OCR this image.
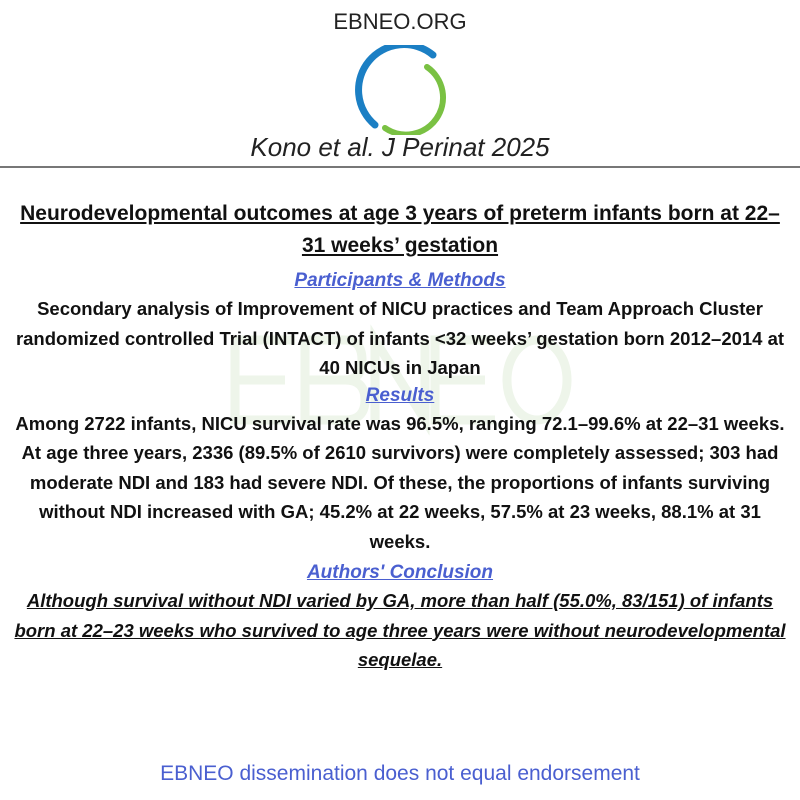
EBNEO.ORG
Kono et al. J Perinat 2025
Neurodevelopmental outcomes at age 3 years of preterm infants born at 22–31 weeks’ gestation
Participants & Methods
Secondary analysis of Improvement of NICU practices and Team Approach Cluster randomized controlled Trial (INTACT) of infants <32 weeks’ gestation born 2012–2014 at 40 NICUs in Japan
Results
Among 2722 infants, NICU survival rate was 96.5%, ranging 72.1–99.6% at 22–31 weeks. At age three years, 2336 (89.5% of 2610 survivors) were completely assessed; 303 had moderate NDI and 183 had severe NDI. Of these, the proportions of infants surviving without NDI increased with GA; 45.2% at 22 weeks, 57.5% at 23 weeks, 88.1% at 31 weeks.
Authors' Conclusion
Although survival without NDI varied by GA, more than half (55.0%, 83/151) of infants born at 22–23 weeks who survived to age three years were without neurodevelopmental sequelae.
EBNEO dissemination does not equal endorsement
